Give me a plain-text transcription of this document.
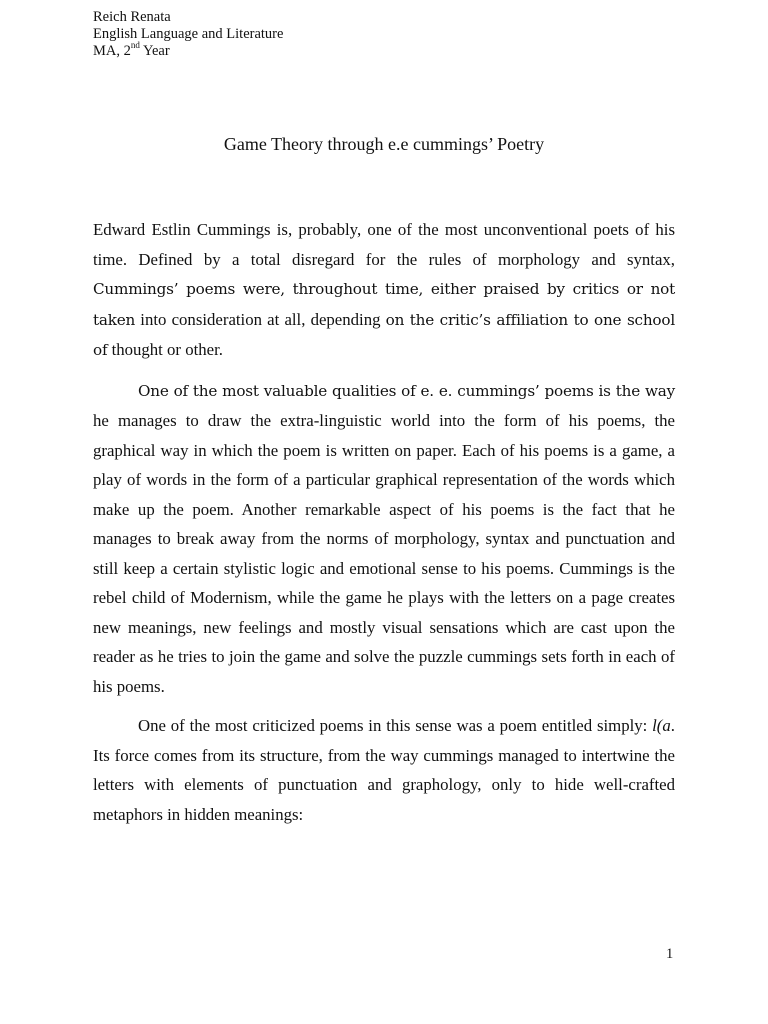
Reich Renata
English Language and Literature
MA, 2nd Year
Game Theory through e.e cummings’ Poetry

Edward Estlin Cummings is, probably, one of the most unconventional poets of his time. Defined by a total disregard for the rules of morphology and syntax, Cummings’ poems were, throughout time, either praised by critics or not taken into consideration at all, depending on the critic’s affiliation to one school of thought or other.

One of the most valuable qualities of e. e. cummings’ poems is the way he manages to draw the extra-linguistic world into the form of his poems, the graphical way in which the poem is written on paper. Each of his poems is a game, a play of words in the form of a particular graphical representation of the words which make up the poem. Another remarkable aspect of his poems is the fact that he manages to break away from the norms of morphology, syntax and punctuation and still keep a certain stylistic logic and emotional sense to his poems. Cummings is the rebel child of Modernism, while the game he plays with the letters on a page creates new meanings, new feelings and mostly visual sensations which are cast upon the reader as he tries to join the game and solve the puzzle cummings sets forth in each of his poems.

One of the most criticized poems in this sense was a poem entitled simply: l(a. Its force comes from its structure, from the way cummings managed to intertwine the letters with elements of punctuation and graphology, only to hide well-crafted metaphors in hidden meanings:

1
